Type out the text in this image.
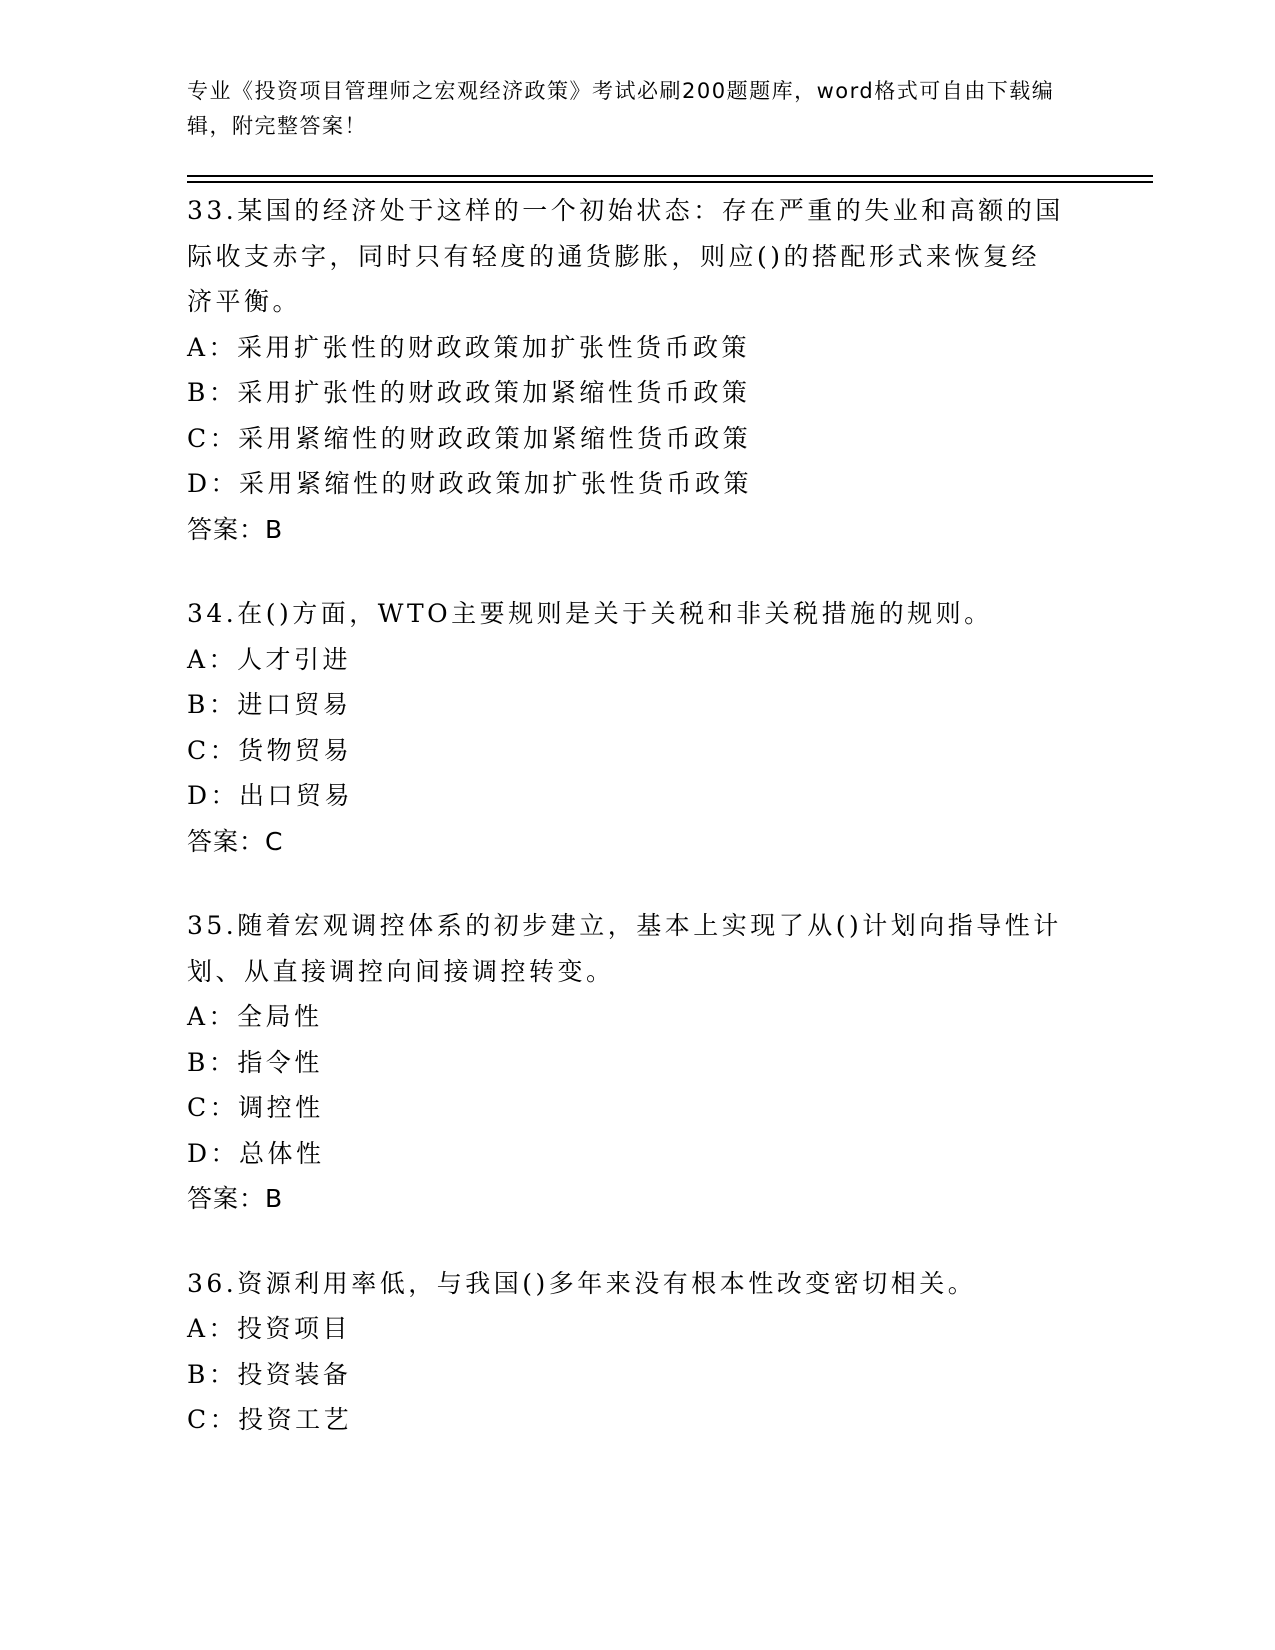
专业《投资项目管理师之宏观经济政策》考试必刷200题题库，word格式可自由下载编辑，附完整答案！
33.某国的经济处于这样的一个初始状态：存在严重的失业和高额的国际收支赤字，同时只有轻度的通货膨胀，则应()的搭配形式来恢复经济平衡。
A：采用扩张性的财政政策加扩张性货币政策
B：采用扩张性的财政政策加紧缩性货币政策
C：采用紧缩性的财政政策加紧缩性货币政策
D：采用紧缩性的财政政策加扩张性货币政策
答案：B
34.在()方面，WTO主要规则是关于关税和非关税措施的规则。
A：人才引进
B：进口贸易
C：货物贸易
D：出口贸易
答案：C
35.随着宏观调控体系的初步建立，基本上实现了从()计划向指导性计划、从直接调控向间接调控转变。
A：全局性
B：指令性
C：调控性
D：总体性
答案：B
36.资源利用率低，与我国()多年来没有根本性改变密切相关。
A：投资项目
B：投资装备
C：投资工艺
